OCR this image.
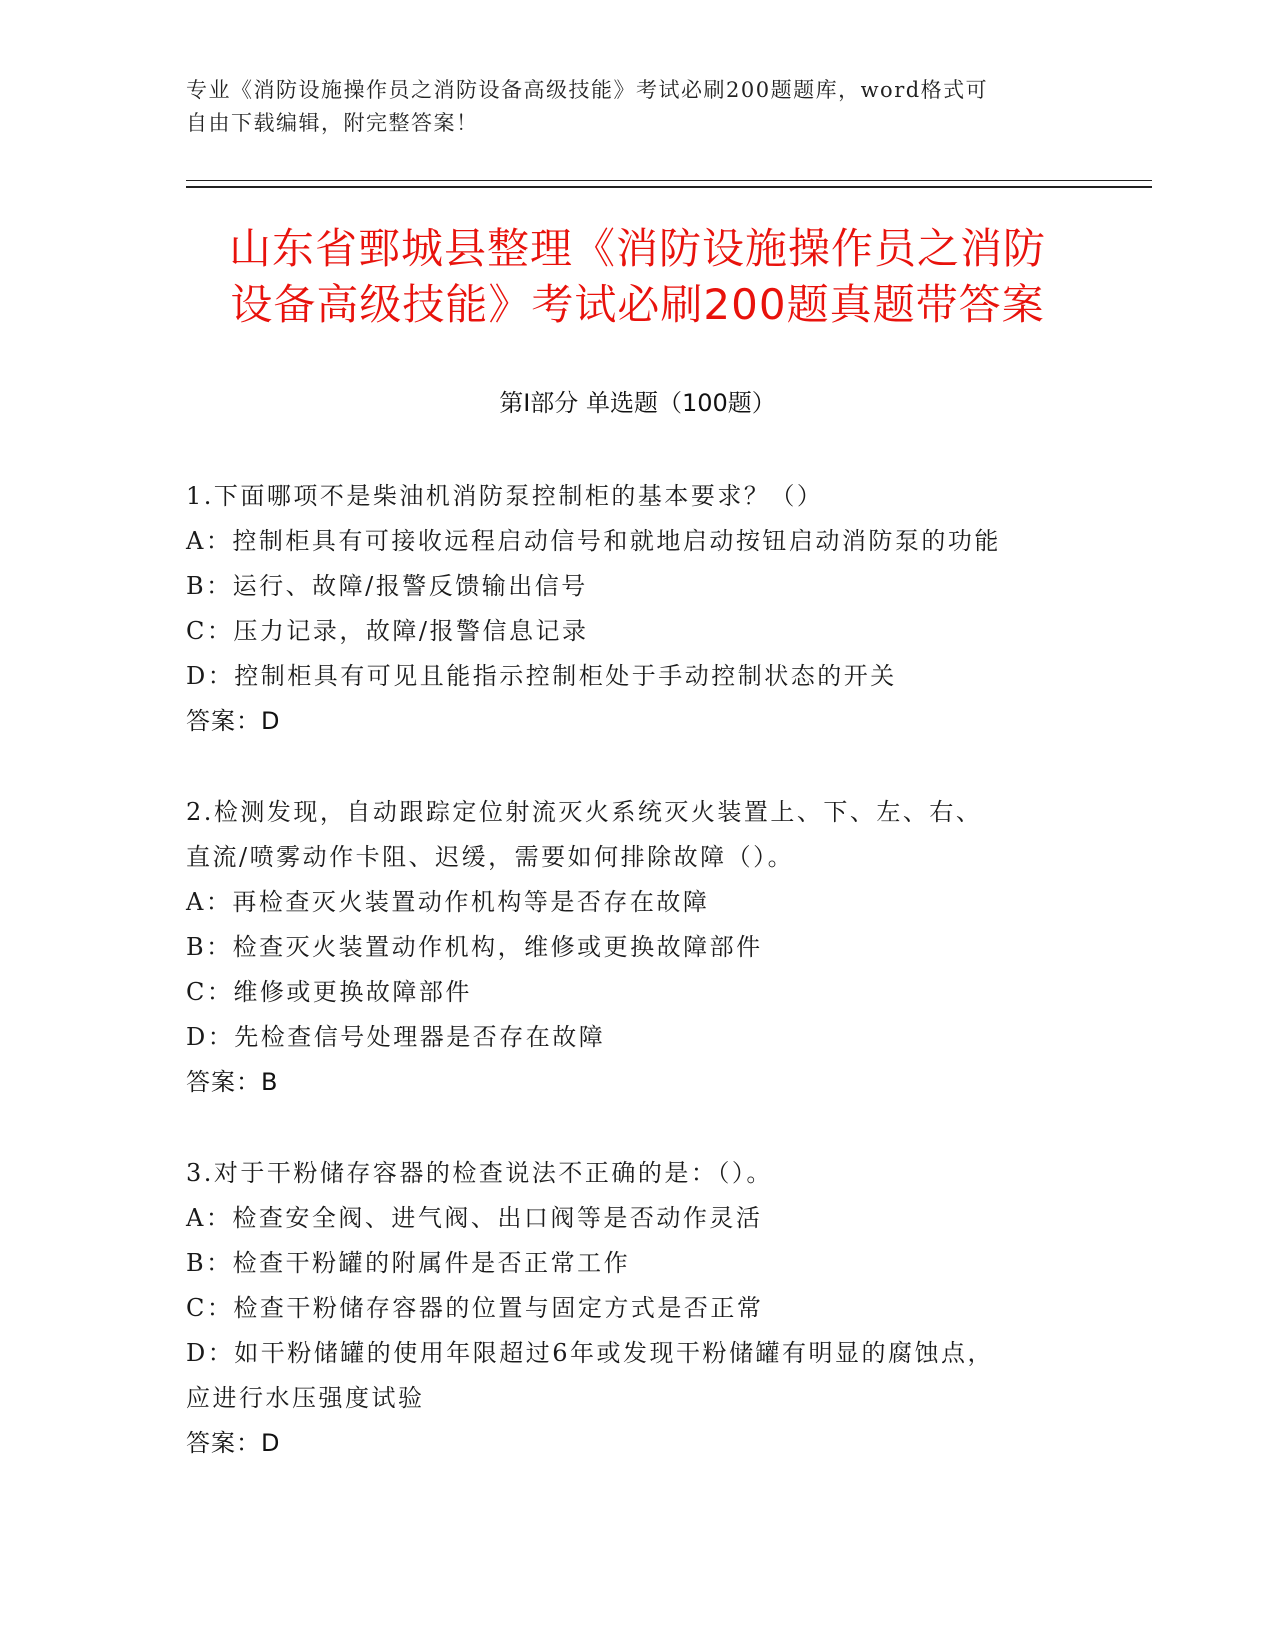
专业《消防设施操作员之消防设备高级技能》考试必刷200题题库，word格式可
自由下载编辑，附完整答案！
山东省鄄城县整理《消防设施操作员之消防
设备高级技能》考试必刷200题真题带答案
第Ⅰ部分 单选题（100题）
1.下面哪项不是柴油机消防泵控制柜的基本要求？（）
A：控制柜具有可接收远程启动信号和就地启动按钮启动消防泵的功能
B：运行、故障/报警反馈输出信号
C：压力记录，故障/报警信息记录
D：控制柜具有可见且能指示控制柜处于手动控制状态的开关
答案：D
2.检测发现，自动跟踪定位射流灭火系统灭火装置上、下、左、右、
直流/喷雾动作卡阻、迟缓，需要如何排除故障（）。
A：再检查灭火装置动作机构等是否存在故障
B：检查灭火装置动作机构，维修或更换故障部件
C：维修或更换故障部件
D：先检查信号处理器是否存在故障
答案：B
3.对于干粉储存容器的检查说法不正确的是：（）。
A：检查安全阀、进气阀、出口阀等是否动作灵活
B：检查干粉罐的附属件是否正常工作
C：检查干粉储存容器的位置与固定方式是否正常
D：如干粉储罐的使用年限超过6年或发现干粉储罐有明显的腐蚀点，
应进行水压强度试验
答案：D
